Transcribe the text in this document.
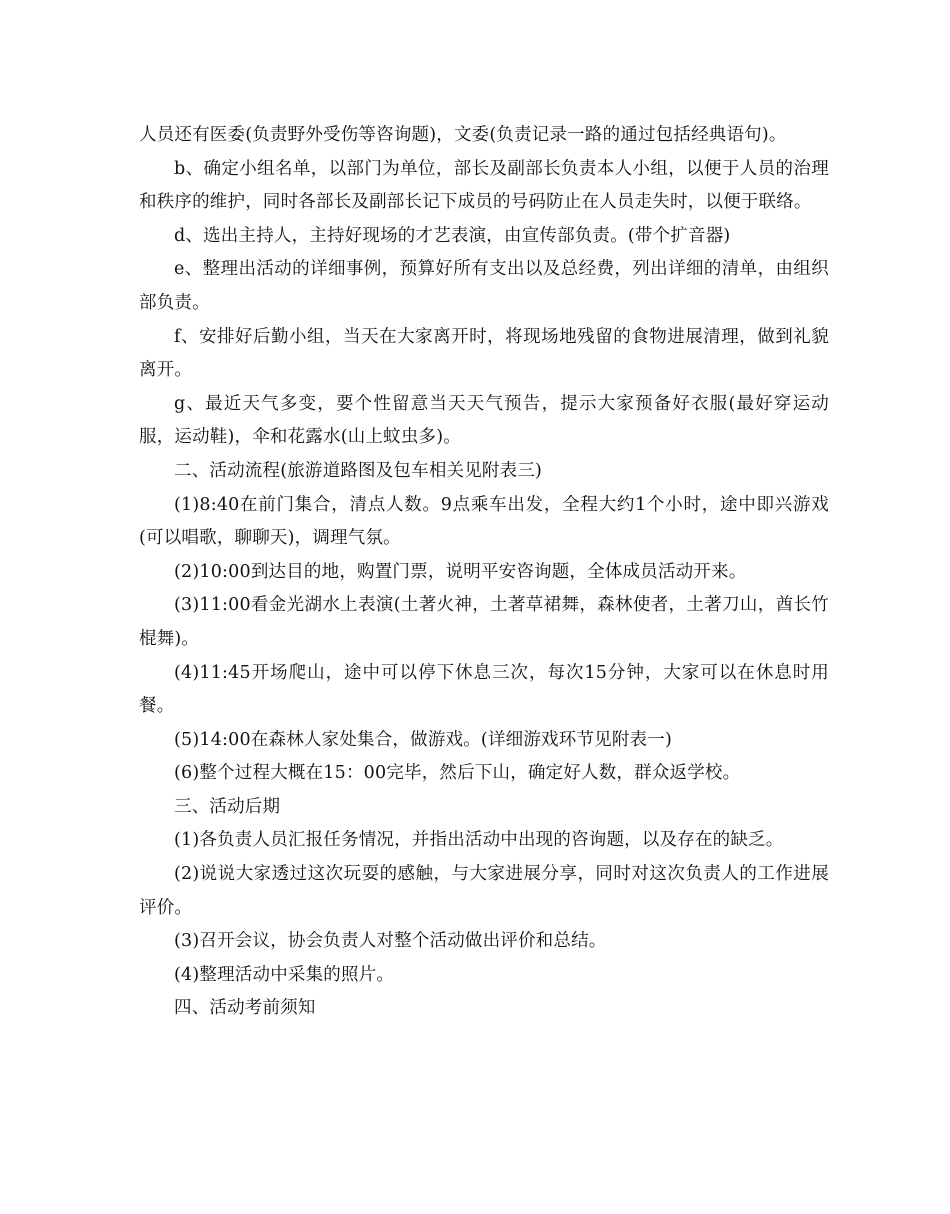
人员还有医委(负责野外受伤等咨询题)，文委(负责记录一路的通过包括经典语句)。

b、确定小组名单，以部门为单位，部长及副部长负责本人小组，以便于人员的治理和秩序的维护，同时各部长及副部长记下成员的号码防止在人员走失时，以便于联络。

d、选出主持人，主持好现场的才艺表演，由宣传部负责。(带个扩音器)

e、整理出活动的详细事例，预算好所有支出以及总经费，列出详细的清单，由组织部负责。

f、安排好后勤小组，当天在大家离开时，将现场地残留的食物进展清理，做到礼貌离开。

g、最近天气多变，要个性留意当天天气预告，提示大家预备好衣服(最好穿运动服，运动鞋)，伞和花露水(山上蚊虫多)。

二、活动流程(旅游道路图及包车相关见附表三)

(1)8:40在前门集合，清点人数。9点乘车出发，全程大约1个小时，途中即兴游戏(可以唱歌，聊聊天)，调理气氛。

(2)10:00到达目的地，购置门票，说明平安咨询题，全体成员活动开来。

(3)11:00看金光湖水上表演(土著火神，土著草裙舞，森林使者，土著刀山，酋长竹棍舞)。

(4)11:45开场爬山，途中可以停下休息三次，每次15分钟，大家可以在休息时用餐。

(5)14:00在森林人家处集合，做游戏。(详细游戏环节见附表一)

(6)整个过程大概在15：00完毕，然后下山，确定好人数，群众返学校。

三、活动后期

(1)各负责人员汇报任务情况，并指出活动中出现的咨询题，以及存在的缺乏。

(2)说说大家透过这次玩耍的感触，与大家进展分享，同时对这次负责人的工作进展评价。

(3)召开会议，协会负责人对整个活动做出评价和总结。

(4)整理活动中采集的照片。

四、活动考前须知
